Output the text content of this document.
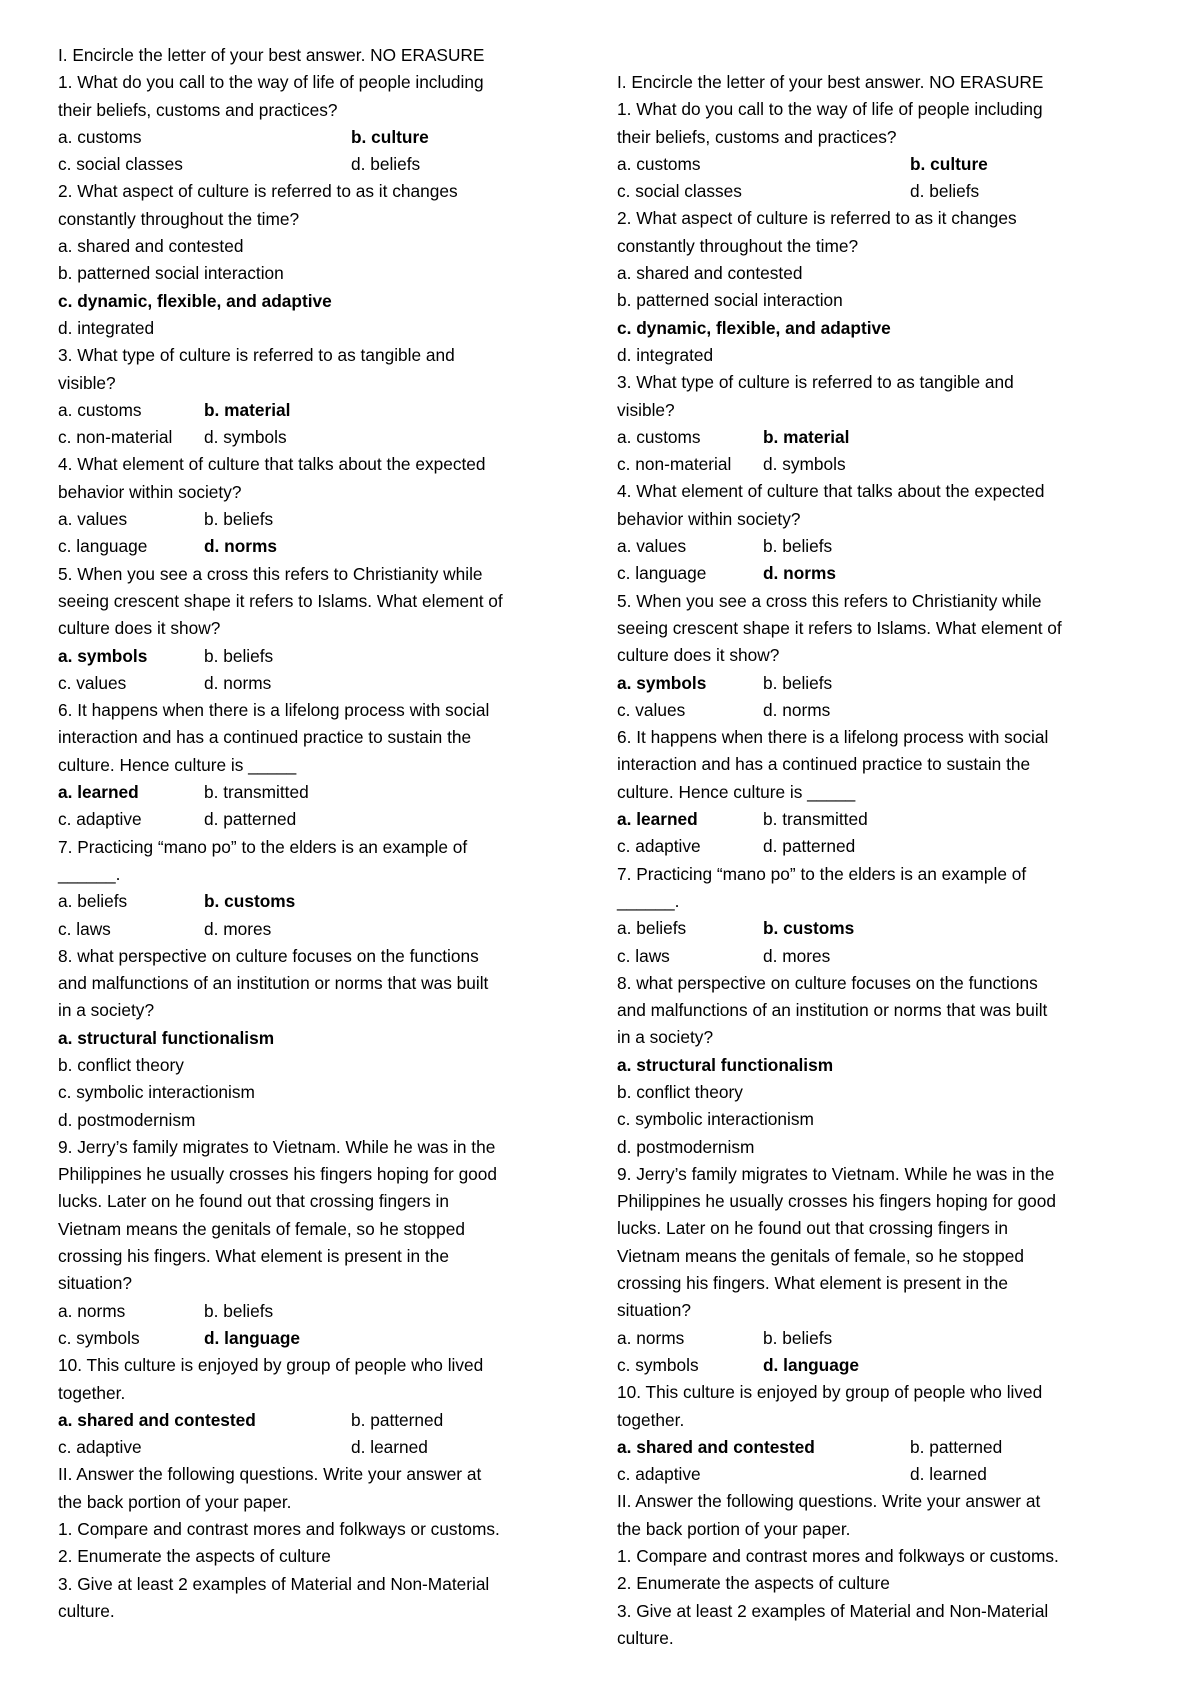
I. Encircle the letter of your best answer. NO ERASURE
1. What do you call to the way of life of people including
their beliefs, customs and practices?
a. customs	b. culture
c. social classes	d. beliefs
2. What aspect of culture is referred to as it changes
constantly throughout the time?
a. shared and contested
b. patterned social interaction
c. dynamic, flexible, and adaptive
d. integrated
3. What type of culture is referred to as tangible and
visible?
a. customs	b. material
c. non-material d. symbols
4. What element of culture that talks about the expected
behavior within society?
a. values	b. beliefs
c. language	d. norms
5. When you see a cross this refers to Christianity while
seeing crescent shape it refers to Islams. What element of
culture does it show?
a. symbols	b. beliefs
c. values	d. norms
6. It happens when there is a lifelong process with social
interaction and has a continued practice to sustain the
culture. Hence culture is _____
a. learned	b. transmitted
c. adaptive	d. patterned
7. Practicing “mano po” to the elders is an example of
______.
a. beliefs	b. customs
c. laws	d. mores
8. what perspective on culture focuses on the functions
and malfunctions of an institution or norms that was built
in a society?
a. structural functionalism
b. conflict theory
c. symbolic interactionism
d. postmodernism
9. Jerry’s family migrates to Vietnam. While he was in the
Philippines he usually crosses his fingers hoping for good
lucks. Later on he found out that crossing fingers in
Vietnam means the genitals of female, so he stopped
crossing his fingers. What element is present in the
situation?
a. norms	b. beliefs
c. symbols	d. language
10. This culture is enjoyed by group of people who lived
together.
a. shared and contested	b. patterned
c. adaptive	d. learned
II. Answer the following questions. Write your answer at
the back portion of your paper.
1. Compare and contrast mores and folkways or customs.
2. Enumerate the aspects of culture
3. Give at least 2 examples of Material and Non-Material
culture.
I. Encircle the letter of your best answer. NO ERASURE
1. What do you call to the way of life of people including
their beliefs, customs and practices?
a. customs	b. culture
c. social classes	d. beliefs
2. What aspect of culture is referred to as it changes
constantly throughout the time?
a. shared and contested
b. patterned social interaction
c. dynamic, flexible, and adaptive
d. integrated
3. What type of culture is referred to as tangible and
visible?
a. customs	b. material
c. non-material d. symbols
4. What element of culture that talks about the expected
behavior within society?
a. values	b. beliefs
c. language	d. norms
5. When you see a cross this refers to Christianity while
seeing crescent shape it refers to Islams. What element of
culture does it show?
a. symbols	b. beliefs
c. values	d. norms
6. It happens when there is a lifelong process with social
interaction and has a continued practice to sustain the
culture. Hence culture is _____
a. learned	b. transmitted
c. adaptive	d. patterned
7. Practicing “mano po” to the elders is an example of
______.
a. beliefs	b. customs
c. laws	d. mores
8. what perspective on culture focuses on the functions
and malfunctions of an institution or norms that was built
in a society?
a. structural functionalism
b. conflict theory
c. symbolic interactionism
d. postmodernism
9. Jerry’s family migrates to Vietnam. While he was in the
Philippines he usually crosses his fingers hoping for good
lucks. Later on he found out that crossing fingers in
Vietnam means the genitals of female, so he stopped
crossing his fingers. What element is present in the
situation?
a. norms	b. beliefs
c. symbols	d. language
10. This culture is enjoyed by group of people who lived
together.
a. shared and contested	b. patterned
c. adaptive	d. learned
II. Answer the following questions. Write your answer at
the back portion of your paper.
1. Compare and contrast mores and folkways or customs.
2. Enumerate the aspects of culture
3. Give at least 2 examples of Material and Non-Material
culture.
